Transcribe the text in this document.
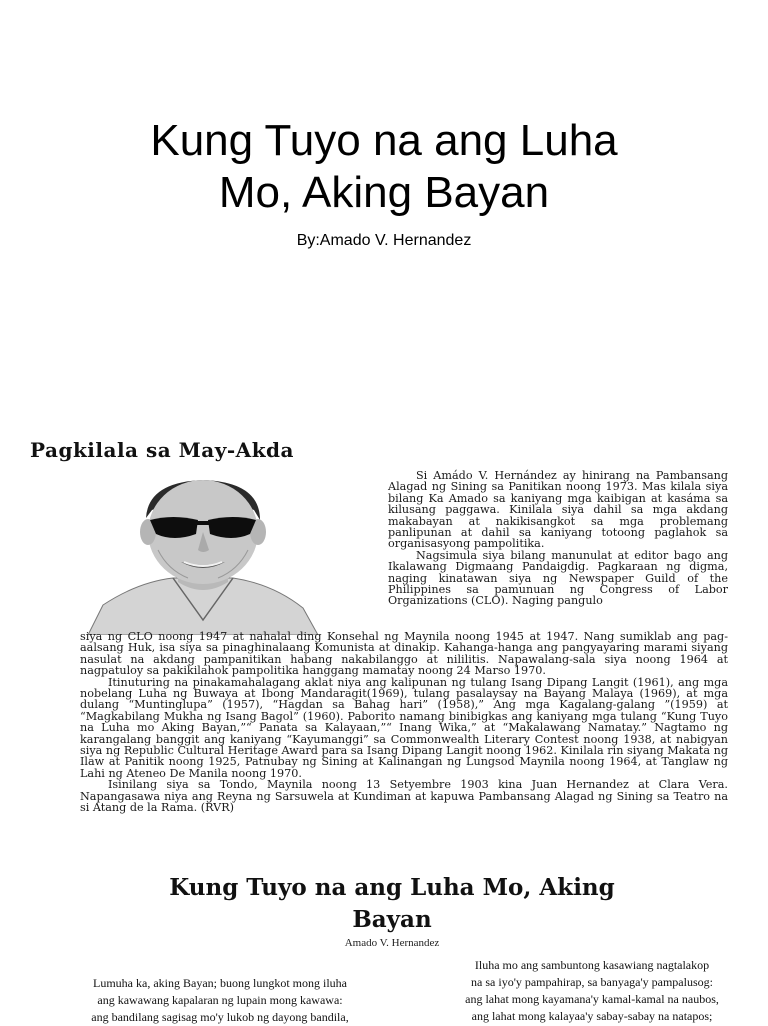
Kung Tuyo na ang Luha
Mo, Aking Bayan
By:Amado V. Hernandez
Pagkilala sa May-Akda

Si Amádo V. Hernández ay hinirang na Pambansang Alagad ng Sining sa Panitikan noong 1973. Mas kilala siya bilang Ka Amado sa kaniyang mga kaibigan at kasáma sa kilusang paggawa. Kinilala siya dahil sa mga akdang makabayan at nakikisangkot sa mga problemang panlipunan at dahil sa kaniyang totoong paglahok sa organisasyong pampolitika.

Nagsimula siya bilang manunulat at editor bago ang Ikalawang Digmaang Pandaigdig. Pagkaraan ng digma, naging kinatawan siya ng Newspaper Guild of the Philippines sa pamunuan ng Congress of Labor Organizations (CLO). Naging pangulo

siya ng CLO noong 1947 at nahalal ding Konsehal ng Maynila noong 1945 at 1947. Nang sumiklab ang pag-aalsang Huk, isa siya sa pinaghinalaang Komunista at dinakip. Kahanga-hanga ang pangyayaring marami siyang nasulat na akdang pampanitikan habang nakabilanggo at nililitis. Napawalang-sala siya noong 1964 at nagpatuloy sa pakikilahok pampolitika hanggang mamatay noong 24 Marso 1970.

Itinuturing na pinakamahalagang aklat niya ang kalipunan ng tulang Isang Dipang Langit (1961), ang mga nobelang Luha ng Buwaya at Ibong Mandaragit(1969), tulang pasalaysay na Bayang Malaya (1969), at mga dulang “Muntinglupa” (1957), “Hagdan sa Bahag hari” (1958),” Ang mga Kagalang-galang ”(1959) at “Magkabilang Mukha ng Isang Bagol” (1960). Paborito namang binibigkas ang kaniyang mga tulang “Kung Tuyo na Luha mo Aking Bayan,”“ Panata sa Kalayaan,”“ Inang Wika,” at “Makalawang Namatay.” Nagtamo ng karangalang banggit ang kaniyang “Kayumanggi” sa Commonwealth Literary Contest noong 1938, at nabigyan siya ng Republic Cultural Heritage Award para sa Isang Dipang Langit noong 1962. Kinilala rin siyang Makata ng Ilaw at Panitik noong 1925, Patnubay ng Sining at Kalinangan ng Lungsod Maynila noong 1964, at Tanglaw ng Lahi ng Ateneo De Manila noong 1970.

Isinilang siya sa Tondo, Maynila noong 13 Setyembre 1903 kina Juan Hernandez at Clara Vera. Napangasawa niya ang Reyna ng Sarsuwela at Kundiman at kapuwa Pambansang Alagad ng Sining sa Teatro na si Atang de la Rama. (RVR)

Kung Tuyo na ang Luha Mo, Aking
Bayan
Amado V. Hernandez
Lumuha ka, aking Bayan; buong lungkot mong iluha
ang kawawang kapalaran ng lupain mong kawawa:
ang bandilang sagisag mo'y lukob ng dayong bandila,
Iluha mo ang sambuntong kasawiang nagtalakop
na sa iyo'y pampahirap, sa banyaga'y pampalusog:
ang lahat mong kayamana'y kamal-kamal na naubos,
ang lahat mong kalayaa'y sabay-sabay na natapos;
